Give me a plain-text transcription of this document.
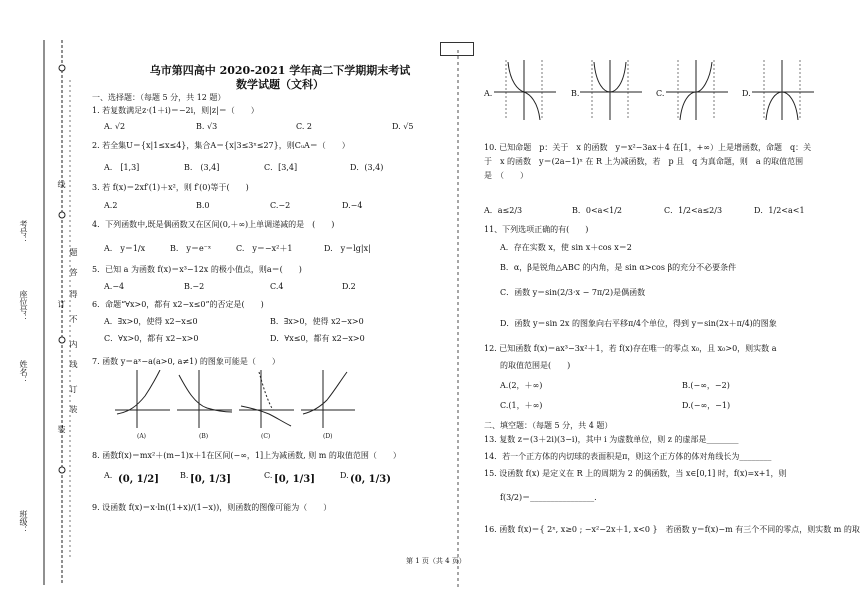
考号：
座位号：
姓名：
班级：
线
订
装
题
答
得
不
内
线
订
装
乌市第四高中 2020-2021 学年高二下学期期末考试
数学试题（文科）
一、选择题：（每题 5 分，共 12 题）
1. 若复数满足z·(1＋i)＝−2i，则|z|＝（　　）
A. √2	B. √3	C. 2	D. √5
2. 若全集U＝{x|1≤x≤4}，集合A＝{x|3≤3ˣ≤27}，则CᵤA＝（　　）
A.　[1,3]	B.　(3,4]	C．[3,4]	D．(3,4)
3. 若 f(x)＝2xf′(1)＋x²，则 f′(0)等于(　　)
A.2	B.0	C.−2	D.−4
4．下列函数中,既是偶函数又在区间(0,＋∞)上单调递减的是　(　　)
A.　y＝1/x	B.　y＝e⁻ˣ	C.　y＝−x²＋1	D.　y＝lg|x|
5．已知 a 为函数 f(x)＝x³−12x 的极小值点，则a＝(　　)
A.−4	B.−2	C.4	D.2
6．命题“∀x>0，都有 x2−x≤0”的否定是(　　)
A．∃x>0，使得 x2−x≤0	B．∃x>0，使得 x2−x>0
C．∀x>0，都有 x2−x>0	D．∀x≤0，都有 x2−x>0
7. 函数 y＝aˣ−a(a>0, a≠1) 的图象可能是（　　）
(A)	(B)	(C)	(D)
8. 函数f(x)＝mx²＋(m−1)x＋1在区间(−∞，1]上为减函数, 则 m 的取值范围（　　）
A. (0, 1/2]	B. [0, 1/3]	C. [0, 1/3]	D. (0, 1/3)
9. 设函数 f(x)＝x·ln((1+x)/(1−x))，则函数的图像可能为（　　）
A.	B.	C.	D.
10. 已知命题　p：关于　x 的函数　y＝x²−3ax＋4 在[1，+∞）上是增函数，命题　q：关
于　x 的函数　y＝(2a−1)ˣ 在 R 上为减函数，若　p 且　q 为真命题，则　a 的取值范围
是　（　　）
A．a≤2/3	B．0<a<1/2	C．1/2<a≤2/3	D．1/2<a<1
11、下列选项正确的有(　　)
A．存在实数 x，使 sin x＋cos x＝2
B．α，β是锐角△ABC 的内角，是 sin α>cos β的充分不必要条件
C．函数 y＝sin(2/3·x − 7π/2)是偶函数
D．函数 y＝sin 2x 的图象向右平移π/4个单位，得到 y＝sin(2x＋π/4)的图象
12. 已知函数 f(x)＝ax³−3x²＋1，若 f(x)存在唯一的零点 x₀，且 x₀>0，则实数 a
的取值范围是(　　)
A.(2，＋∞)	B.(−∞，−2)
C.(1，＋∞)	D.(−∞，−1)
二、填空题：（每题 5 分，共 4 题）
13. 复数 z＝(3＋2i)(3−i)，其中 i 为虚数单位，则 z 的虚部是________
14．若一个正方体的内切球的表面积是π，则这个正方体的体对角线长为________
15. 设函数 f(x) 是定义在 R 上的周期为 2 的偶函数，当 x∈[0,1] 时，f(x)=x+1，则
f(3/2)＝________________.
16. 函数 f(x)＝{ 2ˣ, x≥0 ; −x²−2x＋1, x<0 }　若函数 y＝f(x)−m 有三个不同的零点，则实数 m 的取
第 1 页（共 4 页）
